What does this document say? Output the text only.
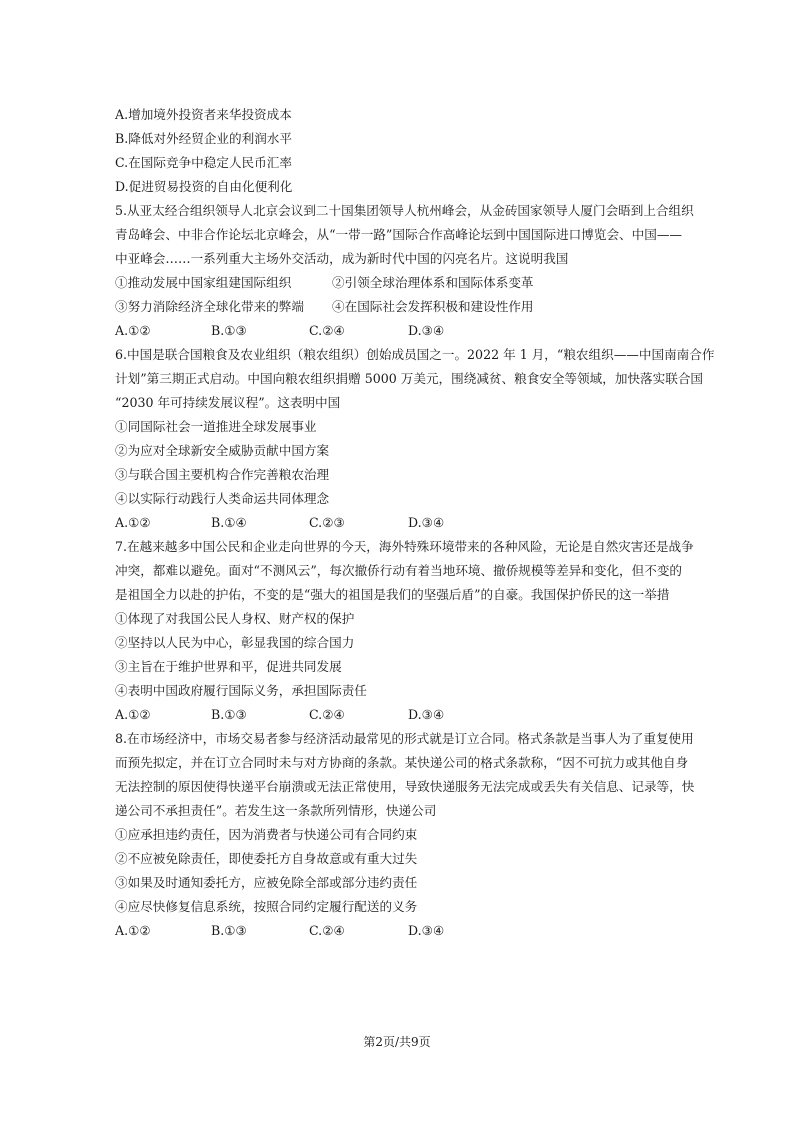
A.增加境外投资者来华投资成本
B.降低对外经贸企业的利润水平
C.在国际竞争中稳定人民币汇率
D.促进贸易投资的自由化便利化
5.从亚太经合组织领导人北京会议到二十国集团领导人杭州峰会，从金砖国家领导人厦门会晤到上合组织
青岛峰会、中非合作论坛北京峰会，从“一带一路”国际合作高峰论坛到中国国际进口博览会、中国——
中亚峰会……一系列重大主场外交活动，成为新时代中国的闪亮名片。这说明我国
①推动发展中国家组建国际组织	②引领全球治理体系和国际体系变革
③努力消除经济全球化带来的弊端 ④在国际社会发挥积极和建设性作用
A.①②	B.①③	C.②④	D.③④
6.中国是联合国粮食及农业组织（粮农组织）创始成员国之一。2022 年 1 月，“粮农组织——中国南南合作
计划”第三期正式启动。中国向粮农组织捐赠 5000 万美元，围绕减贫、粮食安全等领域，加快落实联合国
“2030 年可持续发展议程”。这表明中国
①同国际社会一道推进全球发展事业
②为应对全球新安全威胁贡献中国方案
③与联合国主要机构合作完善粮农治理
④以实际行动践行人类命运共同体理念
A.①②	B.①④	C.②③	D.③④
7.在越来越多中国公民和企业走向世界的今天，海外特殊环境带来的各种风险，无论是自然灾害还是战争
冲突，都难以避免。面对“不测风云”，每次撤侨行动有着当地环境、撤侨规模等差异和变化，但不变的
是祖国全力以赴的护佑，不变的是“强大的祖国是我们的坚强后盾”的自豪。我国保护侨民的这一举措
①体现了对我国公民人身权、财产权的保护
②坚持以人民为中心，彰显我国的综合国力
③主旨在于维护世界和平，促进共同发展
④表明中国政府履行国际义务，承担国际责任
A.①②	B.①③	C.②④	D.③④
8.在市场经济中，市场交易者参与经济活动最常见的形式就是订立合同。格式条款是当事人为了重复使用
而预先拟定，并在订立合同时未与对方协商的条款。某快递公司的格式条款称，“因不可抗力或其他自身
无法控制的原因使得快递平台崩溃或无法正常使用，导致快递服务无法完成或丢失有关信息、记录等，快
递公司不承担责任”。若发生这一条款所列情形，快递公司
①应承担违约责任，因为消费者与快递公司有合同约束
②不应被免除责任，即使委托方自身故意或有重大过失
③如果及时通知委托方，应被免除全部或部分违约责任
④应尽快修复信息系统，按照合同约定履行配送的义务
A.①②	B.①③	C.②④	D.③④
第2页/共9页
